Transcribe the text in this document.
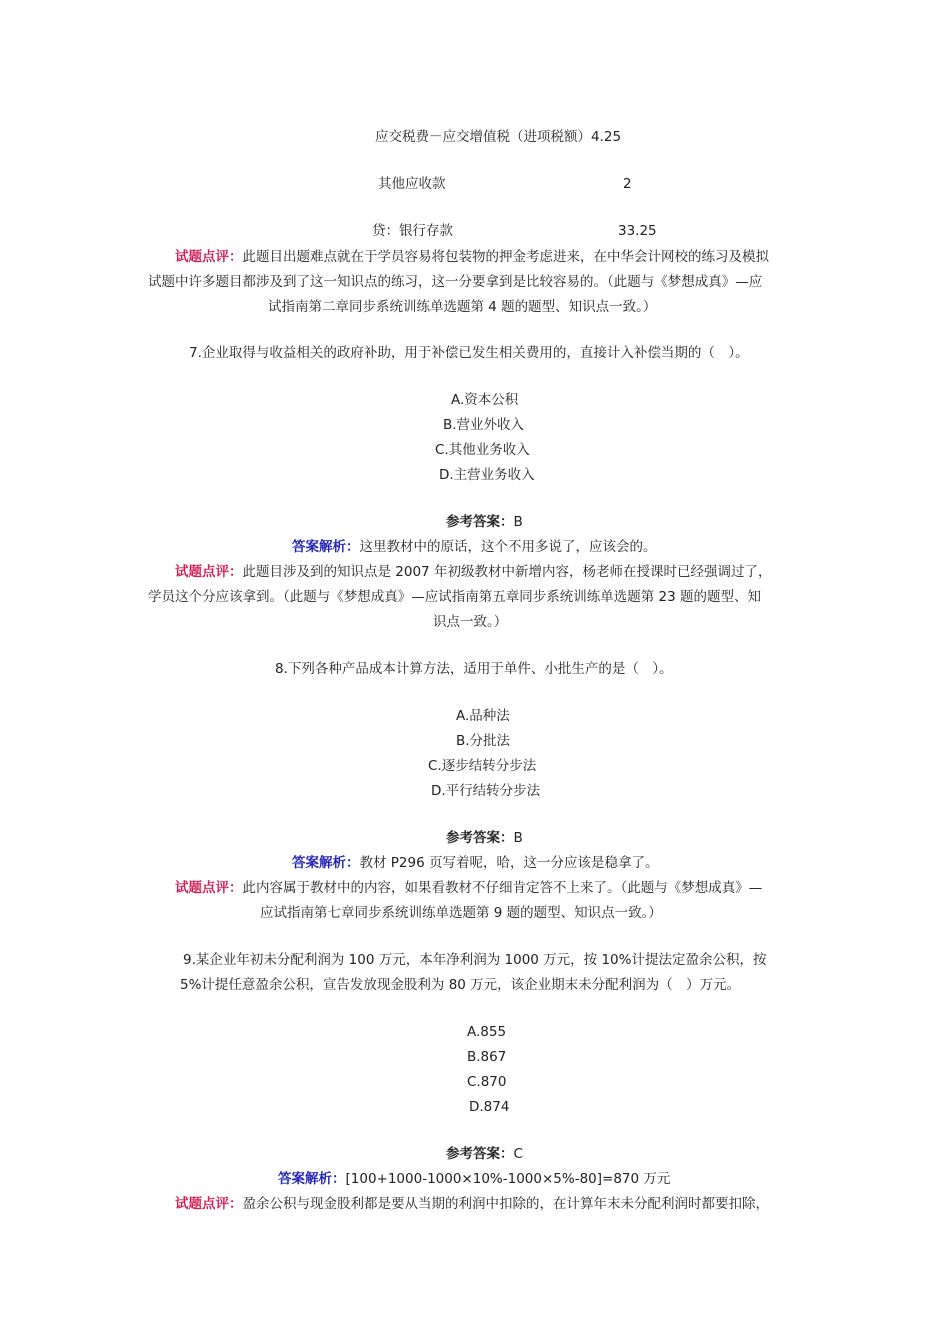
应交税费－应交增值税（进项税额）4.25
其他应收款	2
贷：银行存款	33.25
试题点评：此题目出题难点就在于学员容易将包装物的押金考虑进来，在中华会计网校的练习及模拟
试题中许多题目都涉及到了这一知识点的练习，这一分要拿到是比较容易的。（此题与《梦想成真》—应
试指南第二章同步系统训练单选题第 4 题的题型、知识点一致。）
7.企业取得与收益相关的政府补助，用于补偿已发生相关费用的，直接计入补偿当期的（　）。
A.资本公积
B.营业外收入
C.其他业务收入
D.主营业务收入
参考答案：B
答案解析：这里教材中的原话，这个不用多说了，应该会的。
试题点评：此题目涉及到的知识点是 2007 年初级教材中新增内容，杨老师在授课时已经强调过了，
学员这个分应该拿到。（此题与《梦想成真》—应试指南第五章同步系统训练单选题第 23 题的题型、知
识点一致。）
8.下列各种产品成本计算方法，适用于单件、小批生产的是（　）。
A.品种法
B.分批法
C.逐步结转分步法
D.平行结转分步法
参考答案：B
答案解析：教材 P296 页写着呢，哈，这一分应该是稳拿了。
试题点评：此内容属于教材中的内容，如果看教材不仔细肯定答不上来了。（此题与《梦想成真》—
应试指南第七章同步系统训练单选题第 9 题的题型、知识点一致。）
9.某企业年初未分配利润为 100 万元，本年净利润为 1000 万元，按 10%计提法定盈余公积，按
5%计提任意盈余公积，宣告发放现金股利为 80 万元，该企业期末未分配利润为（　）万元。
A.855
B.867
C.870
D.874
参考答案：C
答案解析：[100+1000-1000×10%-1000×5%-80]=870 万元
试题点评：盈余公积与现金股利都是要从当期的利润中扣除的，在计算年末未分配利润时都要扣除，
